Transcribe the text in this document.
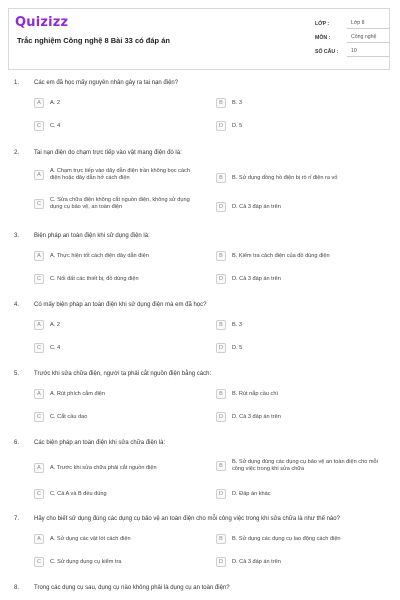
Quizizz
Trắc nghiệm Công nghệ 8 Bài 33 có đáp án
LỚP :	Lớp 8
MÔN :	Công nghệ
SỐ CÂU :	10
1. Các em đã học mấy nguyên nhân gây ra tai nạn điện?
A	A. 2	B	B. 3
C	C. 4	D	D. 5
2. Tai nạn điện do chạm trực tiếp vào vật mang điện đó là:
A
A. Chạm trực tiếp vào dây dẫn điện trần không bọc cách điện hoặc dây dẫn hở cách điện	B	B. Sử dụng đồng hồ điện bị rò rỉ điện ra vỏ
C
C. Sửa chữa điện không cắt nguồn điện, không sử dụng dụng cụ bảo vệ, an toàn điện	D	D. Cả 3 đáp án trên
3. Biện pháp an toàn điện khi sử dụng điện là:
A	A. Thực hiện tốt cách điện dây dẫn điện	B	B. Kiểm tra cách điện của đồ dùng điện
C	C. Nối đất các thiết bị, đồ dùng điện	D	D. Cả 3 đáp án trên
4. Có mấy biện pháp an toàn điện khi sử dụng điện mà em đã học?
A	A. 2	B	B. 3
C	C. 4	D	D. 5
5. Trước khi sửa chữa điện, người ta phải cắt nguồn điện bằng cách:
A	A. Rút phích cắm điện	B	B. Rút nắp cầu chì
C	C. Cắt cầu dao	D	D. Cả 3 đáp án trên
6. Các biện pháp an toàn điện khi sửa chữa điện là:
A	A. Trước khi sửa chữa phải cắt nguồn điện	B
B. Sử dụng đúng các dụng cụ bảo vệ an toàn điện cho mỗi công việc trong khi sửa chữa
C	C. Cả A và B đều đúng	D	D. Đáp án khác
7. Hãy cho biết sử dụng đúng các dụng cụ bảo vệ an toàn điện cho mỗi công việc trong khi sửa chữa là như thế nào?
A	A. Sử dụng các vật lót cách điện	B	B. Sử dụng các dụng cụ lao động cách điện
C	C. Sử dụng dụng cụ kiểm tra	D	D. Cả 3 đáp án trên
8. Trong các dụng cụ sau, dụng cụ nào không phải là dụng cụ an toàn điện?
